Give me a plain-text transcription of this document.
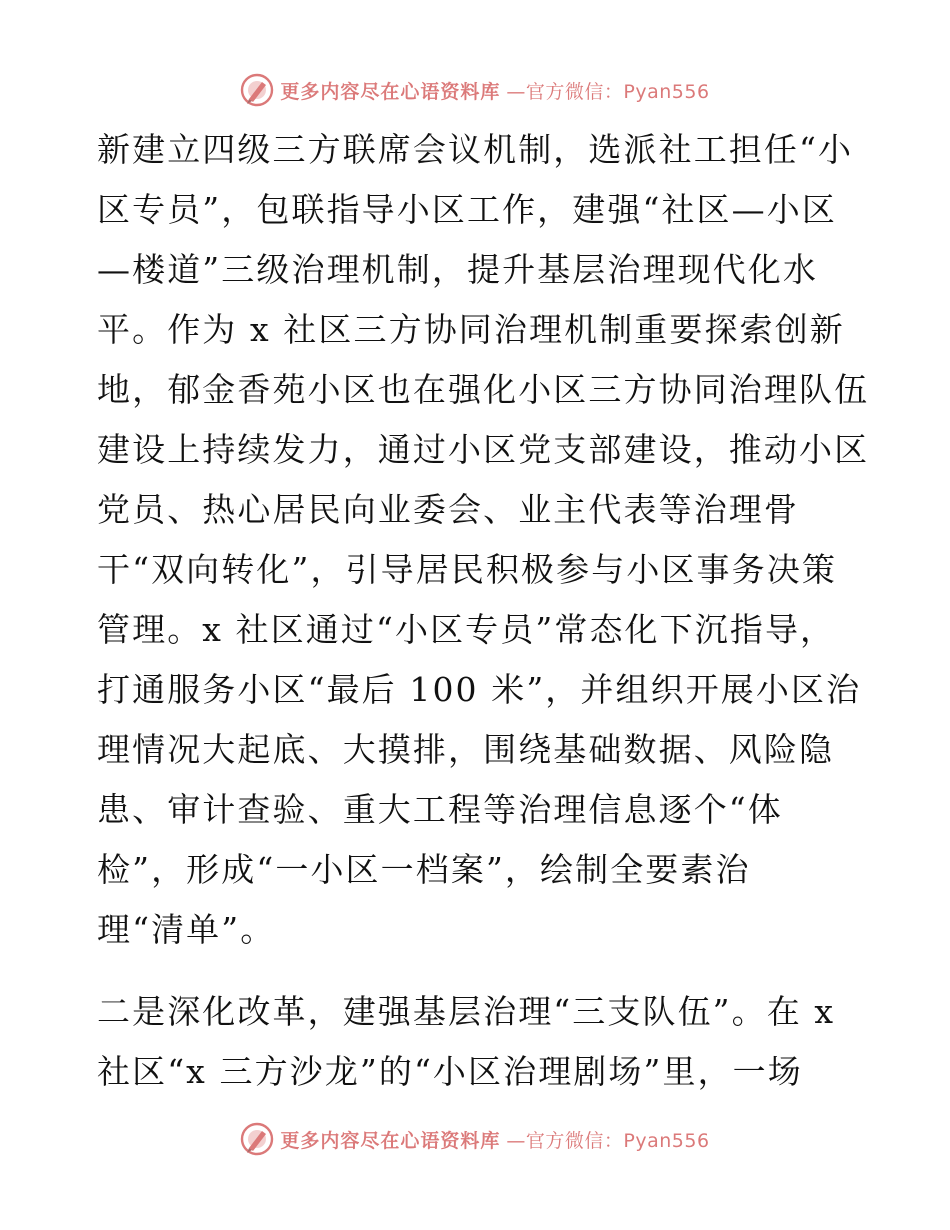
更多内容尽在心语资料库 —官方微信：Pyan556
新建立四级三方联席会议机制，选派社工担任“小
区专员”，包联指导小区工作，建强“社区—小区
—楼道”三级治理机制，提升基层治理现代化水
平。作为 x 社区三方协同治理机制重要探索创新
地，郁金香苑小区也在强化小区三方协同治理队伍
建设上持续发力，通过小区党支部建设，推动小区
党员、热心居民向业委会、业主代表等治理骨
干“双向转化”，引导居民积极参与小区事务决策
管理。x 社区通过“小区专员”常态化下沉指导，
打通服务小区“最后 100 米”，并组织开展小区治
理情况大起底、大摸排，围绕基础数据、风险隐
患、审计查验、重大工程等治理信息逐个“体
检”，形成“一小区一档案”，绘制全要素治
理“清单”。
二是深化改革，建强基层治理“三支队伍”。在 x
社区“x 三方沙龙”的“小区治理剧场”里，一场
更多内容尽在心语资料库 —官方微信：Pyan556
